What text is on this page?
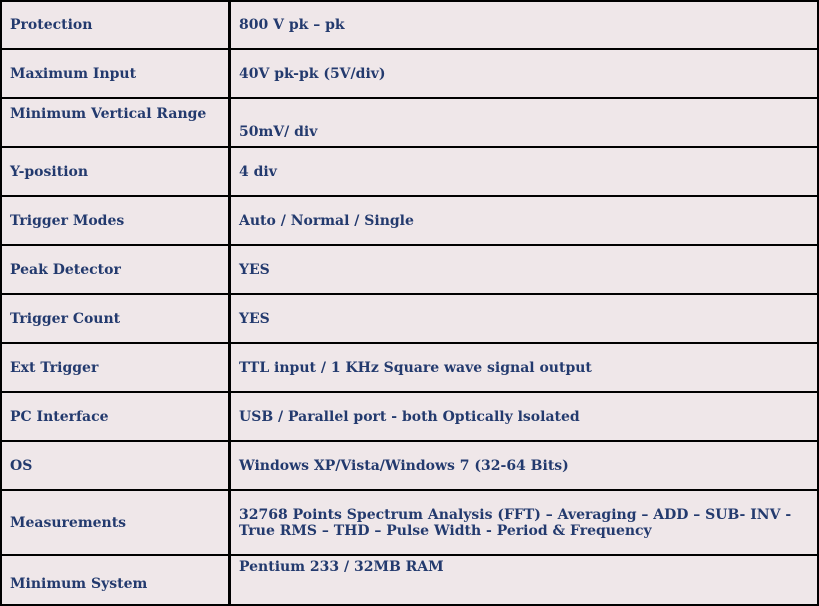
Protection	800 V pk – pk
Maximum Input	40V pk-pk (5V/div)
Minimum Vertical Range	50mV/ div
Y-position	4 div
Trigger Modes	Auto / Normal / Single
Peak Detector	YES
Trigger Count	YES
Ext Trigger	TTL input / 1 KHz Square wave signal output
PC Interface	USB / Parallel port - both Optically lsolated
OS	Windows XP/Vista/Windows 7 (32-64 Bits)
Measurements	32768 Points Spectrum Analysis (FFT) – Averaging – ADD – SUB- INV - True RMS – THD – Pulse Width - Period & Frequency
Minimum System	Pentium 233 / 32MB RAM
